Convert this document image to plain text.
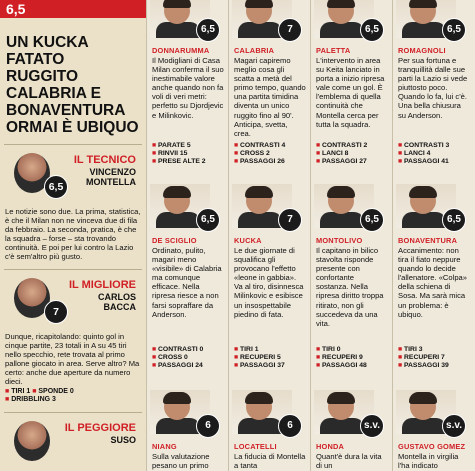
6,5
UN KUCKA FATATO RUGGITO CALABRIA E BONAVENTURA ORMAI È UBIQUO
6,5
IL TECNICO
VINCENZO
MONTELLA
Le notizie sono due. La prima, statistica, è che il Milan non ne vinceva due di fila da febbraio. La seconda, pratica, è che la squadra – forse – sta trovando continuità. E poi per lui contro la Lazio c'è sem'altro più gusto.
7
IL MIGLIORE
CARLOS
BACCA
Dunque, ricapitolando: quinto gol in cinque partite, 23 totali in A su 45 tiri nello specchio, rete trovata al primo pallone giocato in area. Serve altro? Ma certo: anche due aperture da numero dieci.
■ TIRI 1 ■ SPONDE 0
■ DRIBBLING 3
IL PEGGIORE
SUSO
6,5
DONNARUMMA
Il Modigliani di Casa Milan conferma il suo inestimabile valore anche quando non fa voli di veri metri: perfetto su Djordjevic e Milinkovic.
■ PARATE 5
■ RINVII 15
■ PRESE ALTE 2
7
CALABRIA
Magari capiremo meglio cosa gli scatta a metà del primo tempo, quando una partita timidina diventa un unico ruggito fino al 90'. Anticipa, svetta, crea.
■ CONTRASTI 4
■ CROSS 2
■ PASSAGGI 26
6,5
PALETTA
L'intervento in area su Keita lanciato in porta a inizio ripresa vale come un gol. È l'emblema di quella continuità che Montella cerca per tutta la squadra.
■ CONTRASTI 2
■ LANCI 8
■ PASSAGGI 27
6,5
ROMAGNOLI
Per sua fortuna e tranquillità dalle sue parti la Lazio si vede piuttosto poco. Quando lo fa, lui c'è. Una bella chiusura su Anderson.
■ CONTRASTI 3
■ LANCI 4
■ PASSAGGI 41
6,5
DE SCIGLIO
Ordinato, pulito, magari meno «visibile» di Calabria ma comunque efficace. Nella ripresa riesce a non farsi sopraffare da Anderson.
■ CONTRASTI 0
■ CROSS 0
■ PASSAGGI 24
7
KUCKA
Le due giornate di squalifica gli provocano l'effetto «leone in gabbia». Va al tiro, disinnesca Milinkovic e esibisce un insospettabile piedino di fata.
■ TIRI 1
■ RECUPERI 5
■ PASSAGGI 37
6,5
MONTOLIVO
Il capitano in bilico stavolta risponde presente con confortante sostanza. Nella ripresa diritto troppa ritirato, non gli succedeva da una vita.
■ TIRI 0
■ RECUPERI 9
■ PASSAGGI 48
6,5
BONAVENTURA
Accanimento: non tira il fiato neppure quando lo decide l'allenatore. «Colpa» della schiena di Sosa. Ma sarà mica un problema: è ubiquo.
■ TIRI 3
■ RECUPERI 7
■ PASSAGGI 39
6
NIANG
Sulla valutazione pesano un primo
6
LOCATELLI
La fiducia di Montella a tanta
s.v.
HONDA
Quant'è dura la vita di un
s.v.
GUSTAVO GOMEZ
Montella in virgilia l'ha indicato
